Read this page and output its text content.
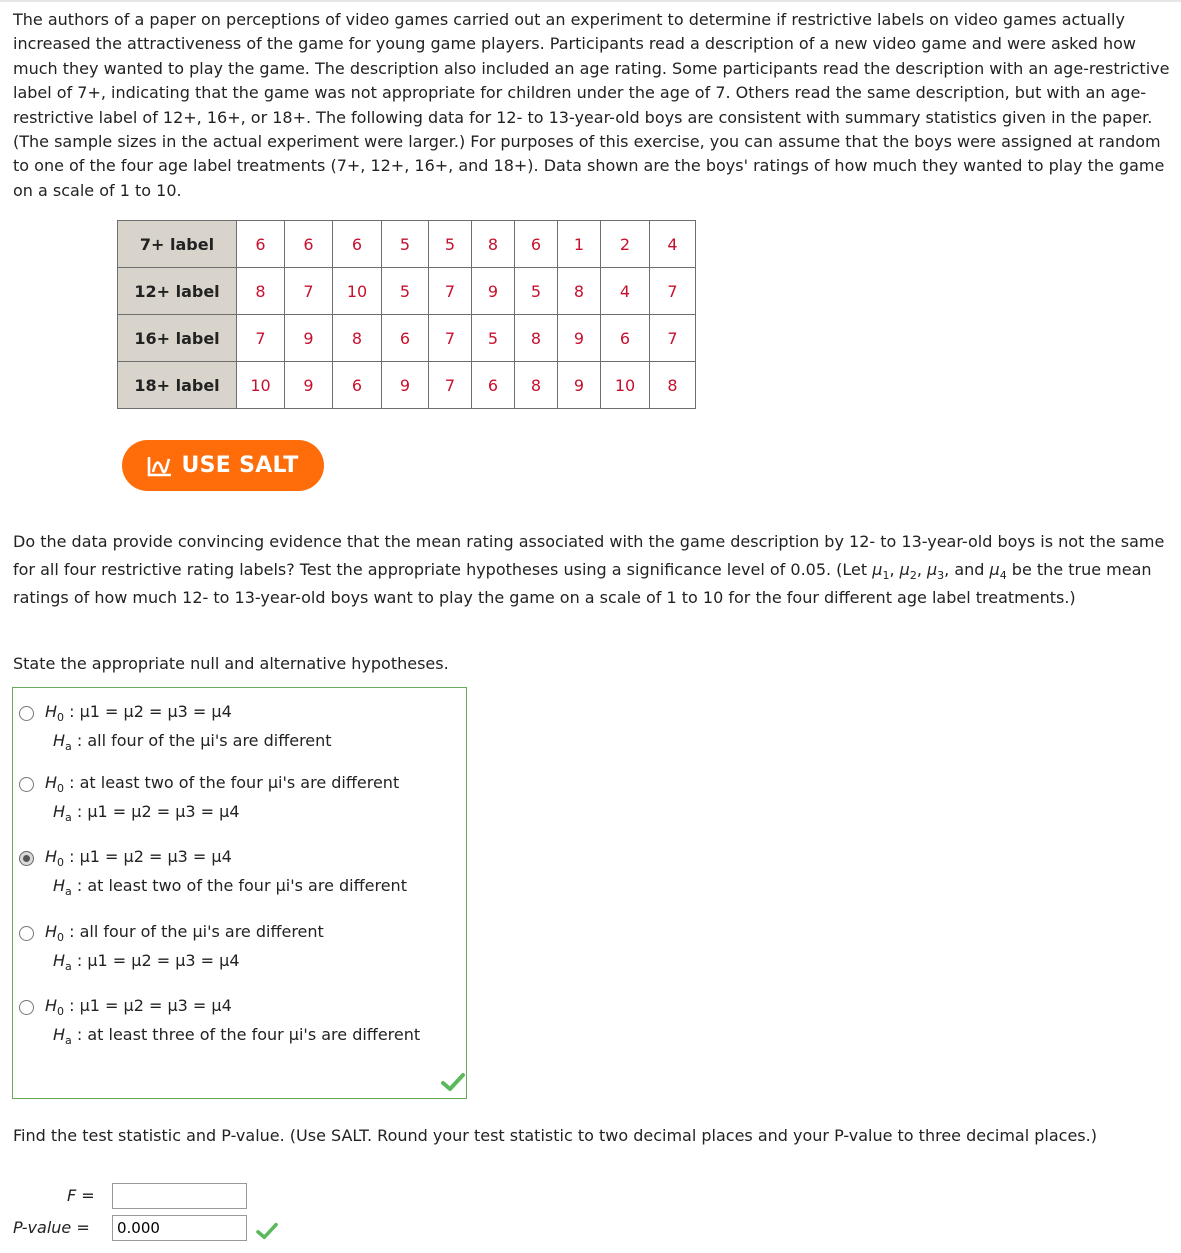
The authors of a paper on perceptions of video games carried out an experiment to determine if restrictive labels on video games actually increased the attractiveness of the game for young game players. Participants read a description of a new video game and were asked how much they wanted to play the game. The description also included an age rating. Some participants read the description with an age-restrictive label of 7+, indicating that the game was not appropriate for children under the age of 7. Others read the same description, but with an age-restrictive label of 12+, 16+, or 18+. The following data for 12- to 13-year-old boys are consistent with summary statistics given in the paper. (The sample sizes in the actual experiment were larger.) For purposes of this exercise, you can assume that the boys were assigned at random to one of the four age label treatments (7+, 12+, 16+, and 18+). Data shown are the boys' ratings of how much they wanted to play the game on a scale of 1 to 10.

7+ label	6	6	6	5	5	8	6	1	2	4
12+ label	8	7	10	5	7	9	5	8	4	7
16+ label	7	9	8	6	7	5	8	9	6	7
18+ label	10	9	6	9	7	6	8	9	10	8
USE SALT

Do the data provide convincing evidence that the mean rating associated with the game description by 12- to 13-year-old boys is not the same for all four restrictive rating labels? Test the appropriate hypotheses using a significance level of 0.05. (Let $\mu_1$, $\mu_2$, $\mu_3$, and $\mu_4$ be the true mean ratings of how much 12- to 13-year-old boys want to play the game on a scale of 1 to 10 for the four different age label treatments.)

State the appropriate null and alternative hypotheses.

$H_0$ : μ1 = μ2 = μ3 = μ4
$H_a$ : all four of the μi's are different
$H_0$ : at least two of the four μi's are different
$H_a$ : μ1 = μ2 = μ3 = μ4
$H_0$ : μ1 = μ2 = μ3 = μ4
$H_a$ : at least two of the four μi's are different
$H_0$ : all four of the μi's are different
$H_a$ : μ1 = μ2 = μ3 = μ4
$H_0$ : μ1 = μ2 = μ3 = μ4
$H_a$ : at least three of the four μi's are different

Find the test statistic and P-value. (Use SALT. Round your test statistic to two decimal places and your P-value to three decimal places.)

F =
P-value =
0.000
